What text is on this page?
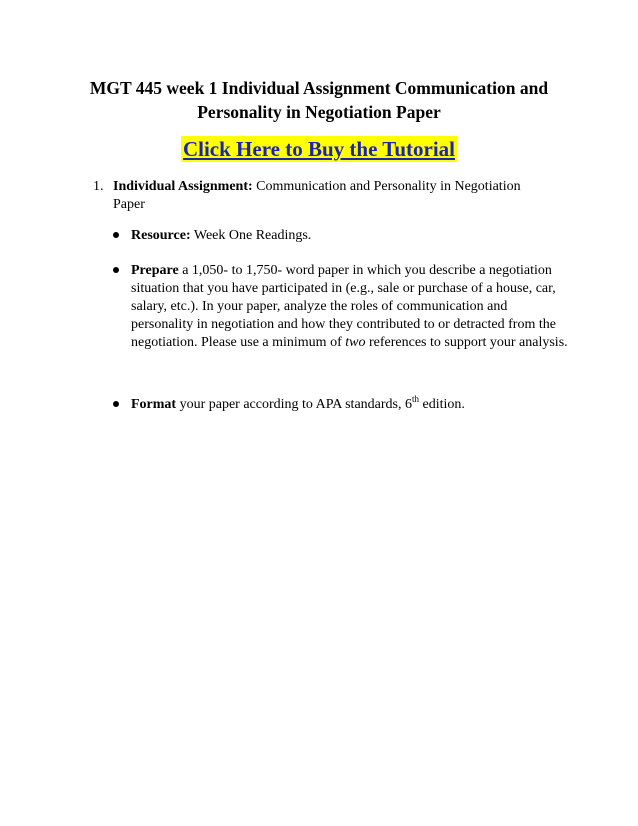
MGT 445 week 1 Individual Assignment Communication and Personality in Negotiation Paper
Click Here to Buy the Tutorial
1. Individual Assignment: Communication and Personality in Negotiation Paper
Resource: Week One Readings.
Prepare a 1,050- to 1,750- word paper in which you describe a negotiation situation that you have participated in (e.g., sale or purchase of a house, car, salary, etc.). In your paper, analyze the roles of communication and personality in negotiation and how they contributed to or detracted from the negotiation. Please use a minimum of two references to support your analysis.
Format your paper according to APA standards, 6th edition.
